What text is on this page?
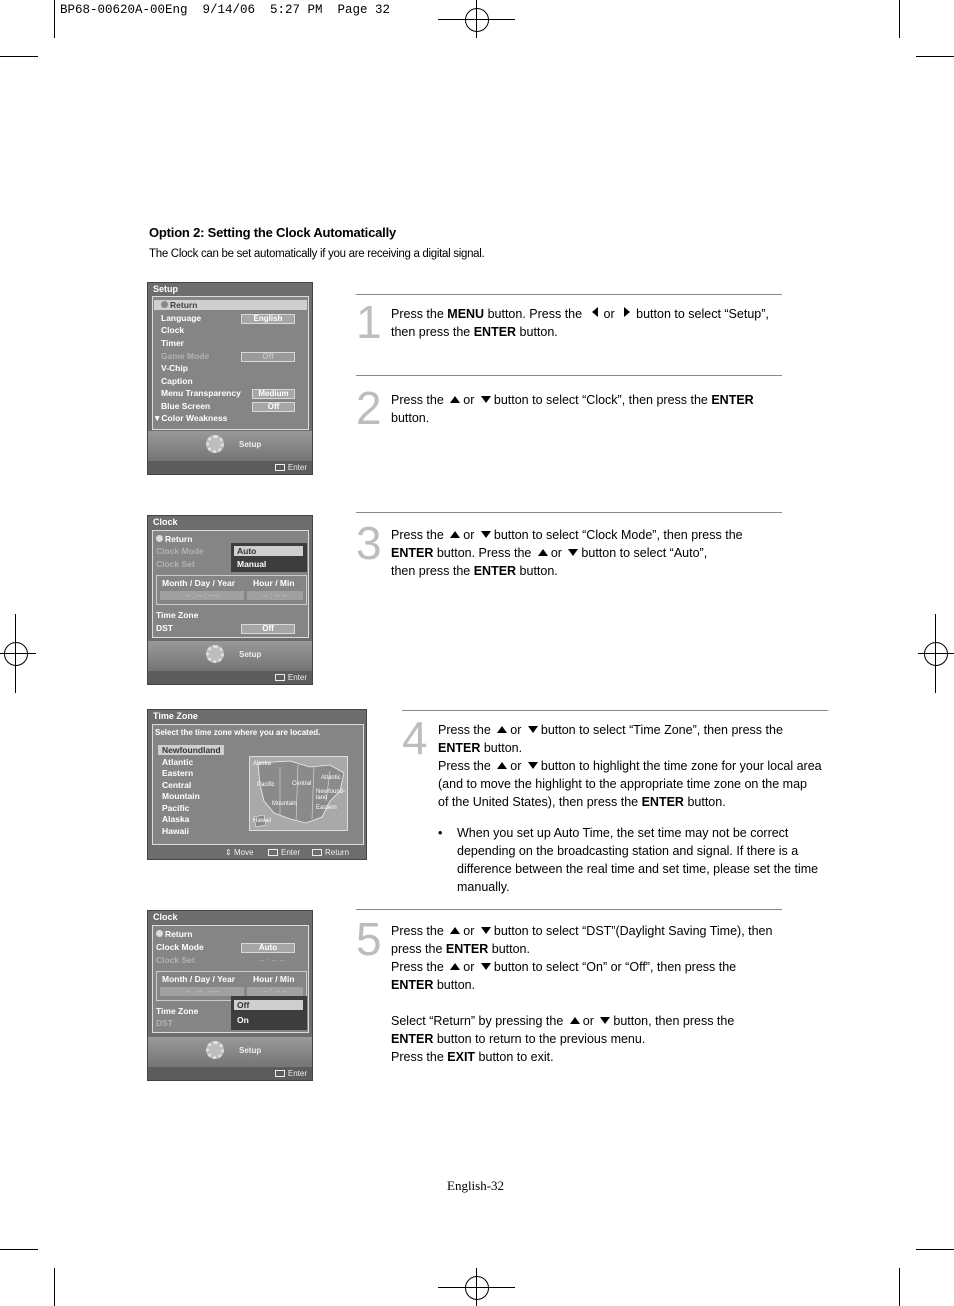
BP68-00620A-00Eng  9/14/06  5:27 PM  Page 32
Option 2: Setting the Clock Automatically
The Clock can be set automatically if you are receiving a digital signal.
Setup
Return
Language	English
Clock
Timer
Game Mode	Off
V-Chip
Caption
Menu Transparency	Medium
Blue Screen	Off
▼Color Weakness
Setup
Enter
1 Press the MENU button. Press the or button to select “Setup”, then press the ENTER button.
2 Press the or button to select “Clock”, then press the ENTER button.
Clock
Return
Clock Mode
Clock Set
Auto
Manual
Month / Day / Year Hour / Min
-- . -- . ----	-- : -- --
Time Zone
DST	Off
Setup
Enter
3 Press the or button to select “Clock Mode”, then press the
ENTER button. Press the or button to select “Auto”,
then press the ENTER button.
Time Zone
Select the time zone where you are located.
Newfoundland
Atlantic
Eastern
Central
Mountain
Pacific
Alaska
Hawaii
Alaska
Pacific	Central
Atlantic
Newfound-land
Mountain
Eastern
Hawaii
⇕ Move	Enter	Return
4 Press the or button to select “Time Zone”, then press the
ENTER button.
Press the or button to highlight the time zone for your local area
(and to move the highlight to the appropriate time zone on the map
of the United States), then press the ENTER button.
• When you set up Auto Time, the set time may not be correct depending on the broadcasting station and signal. If there is a difference between the real time and set time, please set the time manually.
Clock
Return
Clock Mode	Auto
Clock Set	-- : -- --
Month / Day / Year Hour / Min
-- . -- . ----	-- : -- --
Time Zone
DST
Off
On
Setup
Enter
5 Press the or button to select “DST”(Daylight Saving Time), then
press the ENTER button.
Press the or button to select “On” or “Off”, then press the
ENTER button.

Select “Return” by pressing the or button, then press the
ENTER button to return to the previous menu.
Press the EXIT button to exit.
English-32
